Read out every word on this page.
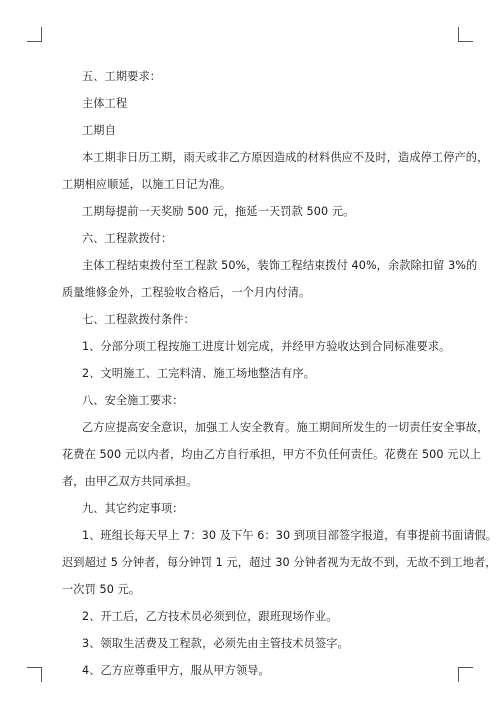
五、工期要求：
主体工程
工期自
本工期非日历工期，雨天或非乙方原因造成的材料供应不及时，造成停工停产的，
工期相应顺延，以施工日记为准。
工期每提前一天奖励 500 元，拖延一天罚款 500 元。
六、工程款拨付：
主体工程结束拨付至工程款 50%，装饰工程结束拨付 40%，余款除扣留 3%的
质量维修金外，工程验收合格后，一个月内付清。
七、工程款拨付条件：
1、分部分项工程按施工进度计划完成，并经甲方验收达到合同标准要求。
2、文明施工、工完料清、施工场地整洁有序。
八、安全施工要求：
乙方应提高安全意识，加强工人安全教育。施工期间所发生的一切责任安全事故，
花费在 500 元以内者，均由乙方自行承担，甲方不负任何责任。花费在 500 元以上
者，由甲乙双方共同承担。
九、其它约定事项：
1、班组长每天早上 7：30 及下午 6：30 到项目部签字报道，有事提前书面请假。
迟到超过 5 分钟者，每分钟罚 1 元，超过 30 分钟者视为无故不到，无故不到工地者，
一次罚 50 元。
2、开工后，乙方技术员必须到位，跟班现场作业。
3、领取生活费及工程款，必须先由主管技术员签字。
4、乙方应尊重甲方，服从甲方领导。
